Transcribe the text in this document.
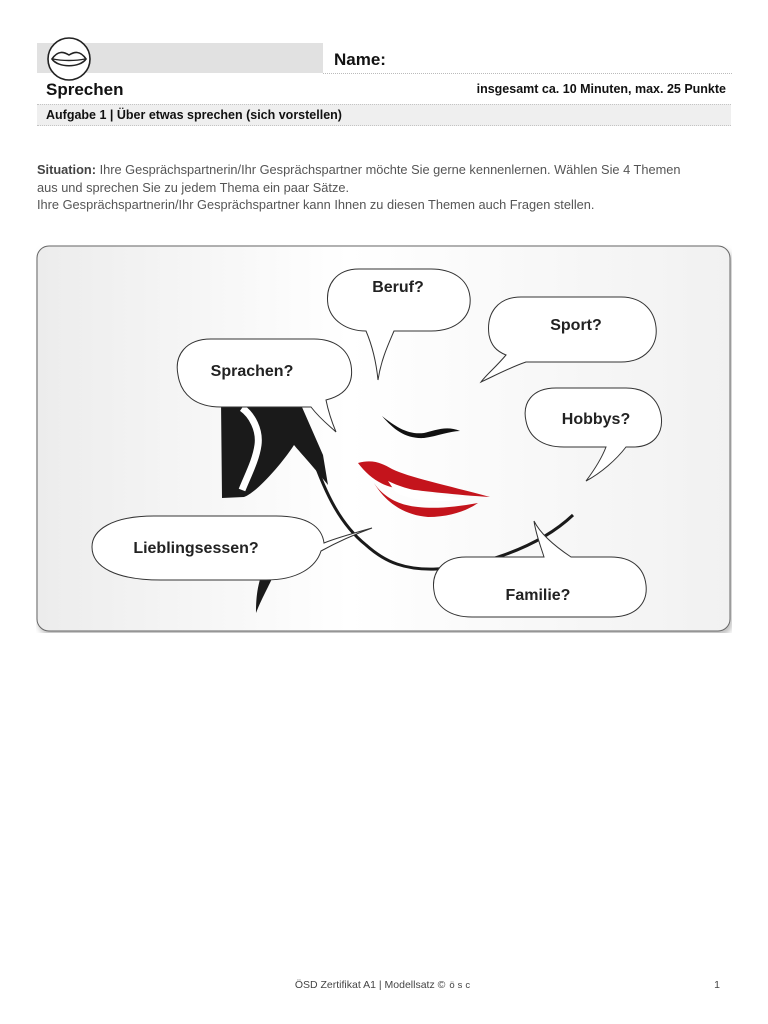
Name:
Sprechen	insgesamt ca. 10 Minuten, max. 25 Punkte
Aufgabe 1 | Über etwas sprechen (sich vorstellen)
Situation: Ihre Gesprächspartnerin/Ihr Gesprächspartner möchte Sie gerne kennenlernen. Wählen Sie 4 Themen
aus und sprechen Sie zu jedem Thema ein paar Sätze.
Ihre Gesprächspartnerin/Ihr Gesprächspartner kann Ihnen zu diesen Themen auch Fragen stellen.
Beruf?
Sport?
Sprachen?
Hobbys?
Lieblingsessen?
Familie?
ÖSD Zertifikat A1 | Modellsatz © ösc	1
